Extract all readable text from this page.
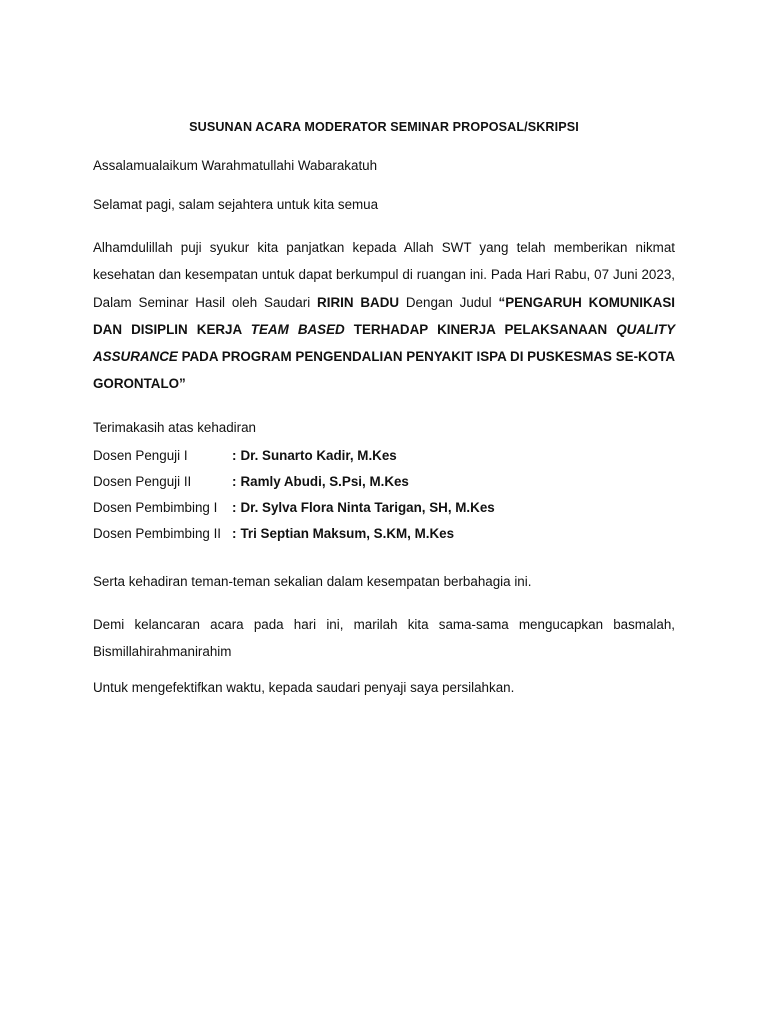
SUSUNAN ACARA MODERATOR SEMINAR PROPOSAL/SKRIPSI

Assalamualaikum Warahmatullahi Wabarakatuh

Selamat pagi, salam sejahtera untuk kita semua

Alhamdulillah puji syukur kita panjatkan kepada Allah SWT yang telah memberikan nikmat kesehatan dan kesempatan untuk dapat berkumpul di ruangan ini. Pada Hari Rabu, 07 Juni 2023, Dalam Seminar Hasil oleh Saudari RIRIN BADU Dengan Judul “PENGARUH KOMUNIKASI DAN DISIPLIN KERJA TEAM BASED TERHADAP KINERJA PELAKSANAAN QUALITY ASSURANCE PADA PROGRAM PENGENDALIAN PENYAKIT ISPA DI PUSKESMAS SE-KOTA GORONTALO”

Terimakasih atas kehadiran

Dosen Penguji I	: Dr. Sunarto Kadir, M.Kes
Dosen Penguji II	: Ramly Abudi, S.Psi, M.Kes
Dosen Pembimbing I	: Dr. Sylva Flora Ninta Tarigan, SH, M.Kes
Dosen Pembimbing II : Tri Septian Maksum, S.KM, M.Kes

Serta kehadiran teman-teman sekalian dalam kesempatan berbahagia ini.

Demi kelancaran acara pada hari ini, marilah kita sama-sama mengucapkan basmalah, Bismillahirahmanirahim

Untuk mengefektifkan waktu, kepada saudari penyaji saya persilahkan.
